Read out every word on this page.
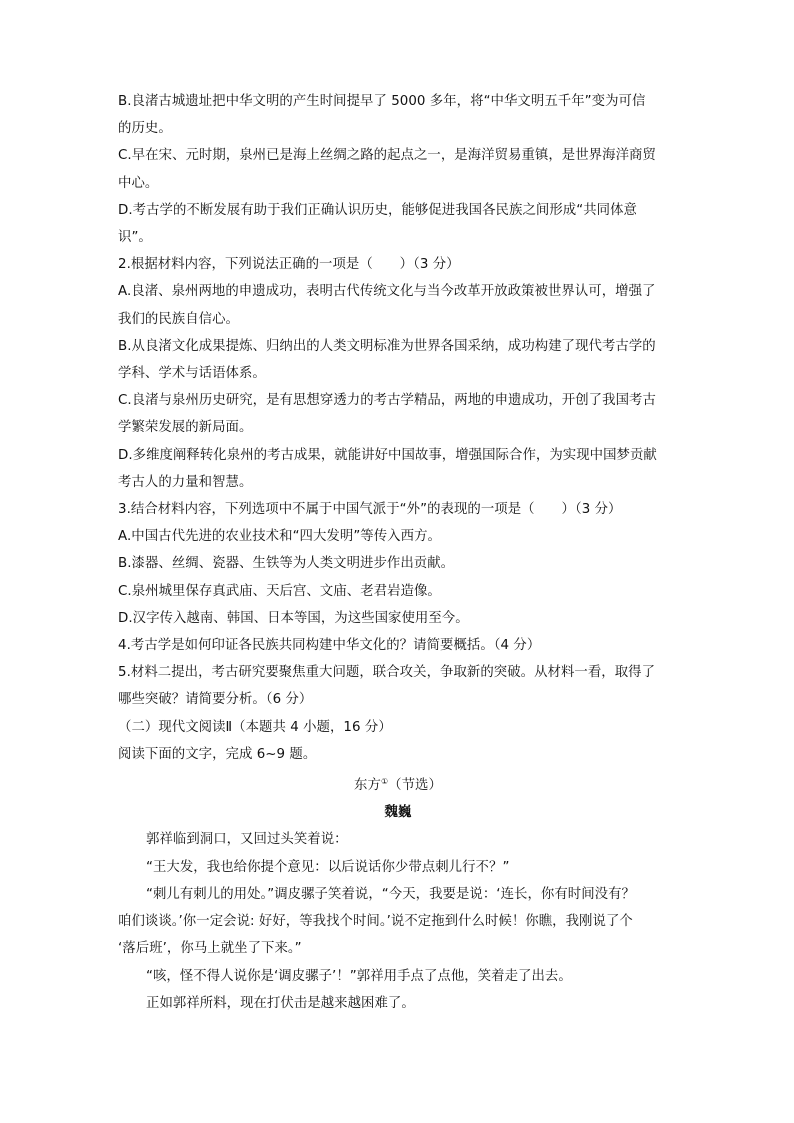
B.良渚古城遗址把中华文明的产生时间提早了 5000 多年，将“中华文明五千年”变为可信
的历史。
C.早在宋、元时期，泉州已是海上丝绸之路的起点之一，是海洋贸易重镇，是世界海洋商贸
中心。
D.考古学的不断发展有助于我们正确认识历史，能够促进我国各民族之间形成“共同体意
识”。
2.根据材料内容，下列说法正确的一项是（　　）（3 分）
A.良渚、泉州两地的申遗成功，表明古代传统文化与当今改革开放政策被世界认可，增强了
我们的民族自信心。
B.从良渚文化成果提炼、归纳出的人类文明标准为世界各国采纳，成功构建了现代考古学的
学科、学术与话语体系。
C.良渚与泉州历史研究，是有思想穿透力的考古学精品，两地的申遗成功，开创了我国考古
学繁荣发展的新局面。
D.多维度阐释转化泉州的考古成果，就能讲好中国故事，增强国际合作，为实现中国梦贡献
考古人的力量和智慧。
3.结合材料内容，下列选项中不属于中国气派于“外”的表现的一项是（　　）（3 分）
A.中国古代先进的农业技术和“四大发明”等传入西方。
B.漆器、丝绸、瓷器、生铁等为人类文明进步作出贡献。
C.泉州城里保存真武庙、天后宫、文庙、老君岩造像。
D.汉字传入越南、韩国、日本等国，为这些国家使用至今。
4.考古学是如何印证各民族共同构建中华文化的？请简要概括。（4 分）
5.材料二提出，考古研究要聚焦重大问题，联合攻关，争取新的突破。从材料一看，取得了
哪些突破？请简要分析。（6 分）
（二）现代文阅读Ⅱ（本题共 4 小题，16 分）
阅读下面的文字，完成 6~9 题。
东方①（节选）
魏巍
郭祥临到洞口，又回过头笑着说：
“王大发，我也给你提个意见：以后说话你少带点刺儿行不？”
“刺儿有刺儿的用处。”调皮骡子笑着说，“今天，我要是说：‘连长，你有时间没有？
咱们谈谈。’你一定会说: 好好，等我找个时间。’说不定拖到什么时候！你瞧，我刚说了个
‘落后班’，你马上就坐了下来。”
“咳，怪不得人说你是‘调皮骡子’！”郭祥用手点了点他，笑着走了出去。
正如郭祥所料，现在打伏击是越来越困难了。
